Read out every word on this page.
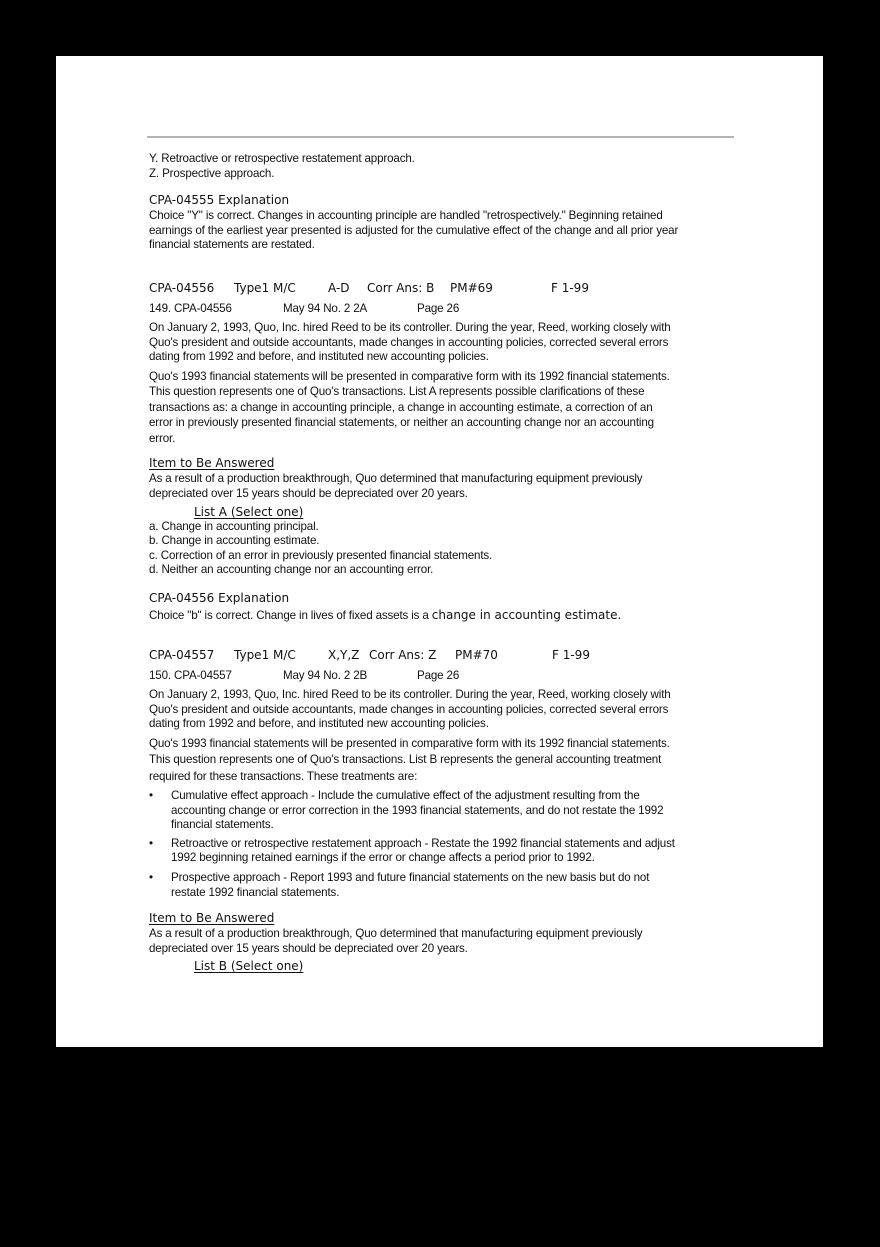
Y. Retroactive or retrospective restatement approach.
Z. Prospective approach.
CPA-04555 Explanation
Choice "Y" is correct. Changes in accounting principle are handled "retrospectively." Beginning retained
earnings of the earliest year presented is adjusted for the cumulative effect of the change and all prior year
financial statements are restated.
CPA-04556 Type1 M/C	A-D Corr Ans: B PM#69	F 1-99
149. CPA-04556	May 94 No. 2 2A	Page 26
On January 2, 1993, Quo, Inc. hired Reed to be its controller. During the year, Reed, working closely with
Quo's president and outside accountants, made changes in accounting policies, corrected several errors
dating from 1992 and before, and instituted new accounting policies.
Quo's 1993 financial statements will be presented in comparative form with its 1992 financial statements.
This question represents one of Quo's transactions. List A represents possible clarifications of these
transactions as: a change in accounting principle, a change in accounting estimate, a correction of an
error in previously presented financial statements, or neither an accounting change nor an accounting
error.
Item to Be Answered
As a result of a production breakthrough, Quo determined that manufacturing equipment previously
depreciated over 15 years should be depreciated over 20 years.
List A (Select one)
a. Change in accounting principal.
b. Change in accounting estimate.
c. Correction of an error in previously presented financial statements.
d. Neither an accounting change nor an accounting error.
CPA-04556 Explanation
Choice "b" is correct. Change in lives of fixed assets is a change in accounting estimate.
CPA-04557 Type1 M/C	X,Y,Z Corr Ans: Z PM#70	F 1-99
150. CPA-04557	May 94 No. 2 2B	Page 26
On January 2, 1993, Quo, Inc. hired Reed to be its controller. During the year, Reed, working closely with
Quo's president and outside accountants, made changes in accounting policies, corrected several errors
dating from 1992 and before, and instituted new accounting policies.
Quo's 1993 financial statements will be presented in comparative form with its 1992 financial statements.
This question represents one of Quo's transactions. List B represents the general accounting treatment
required for these transactions. These treatments are:
• Cumulative effect approach - Include the cumulative effect of the adjustment resulting from the
accounting change or error correction in the 1993 financial statements, and do not restate the 1992
financial statements.
• Retroactive or retrospective restatement approach - Restate the 1992 financial statements and adjust
1992 beginning retained earnings if the error or change affects a period prior to 1992.
• Prospective approach - Report 1993 and future financial statements on the new basis but do not
restate 1992 financial statements.
Item to Be Answered
As a result of a production breakthrough, Quo determined that manufacturing equipment previously
depreciated over 15 years should be depreciated over 20 years.
List B (Select one)
